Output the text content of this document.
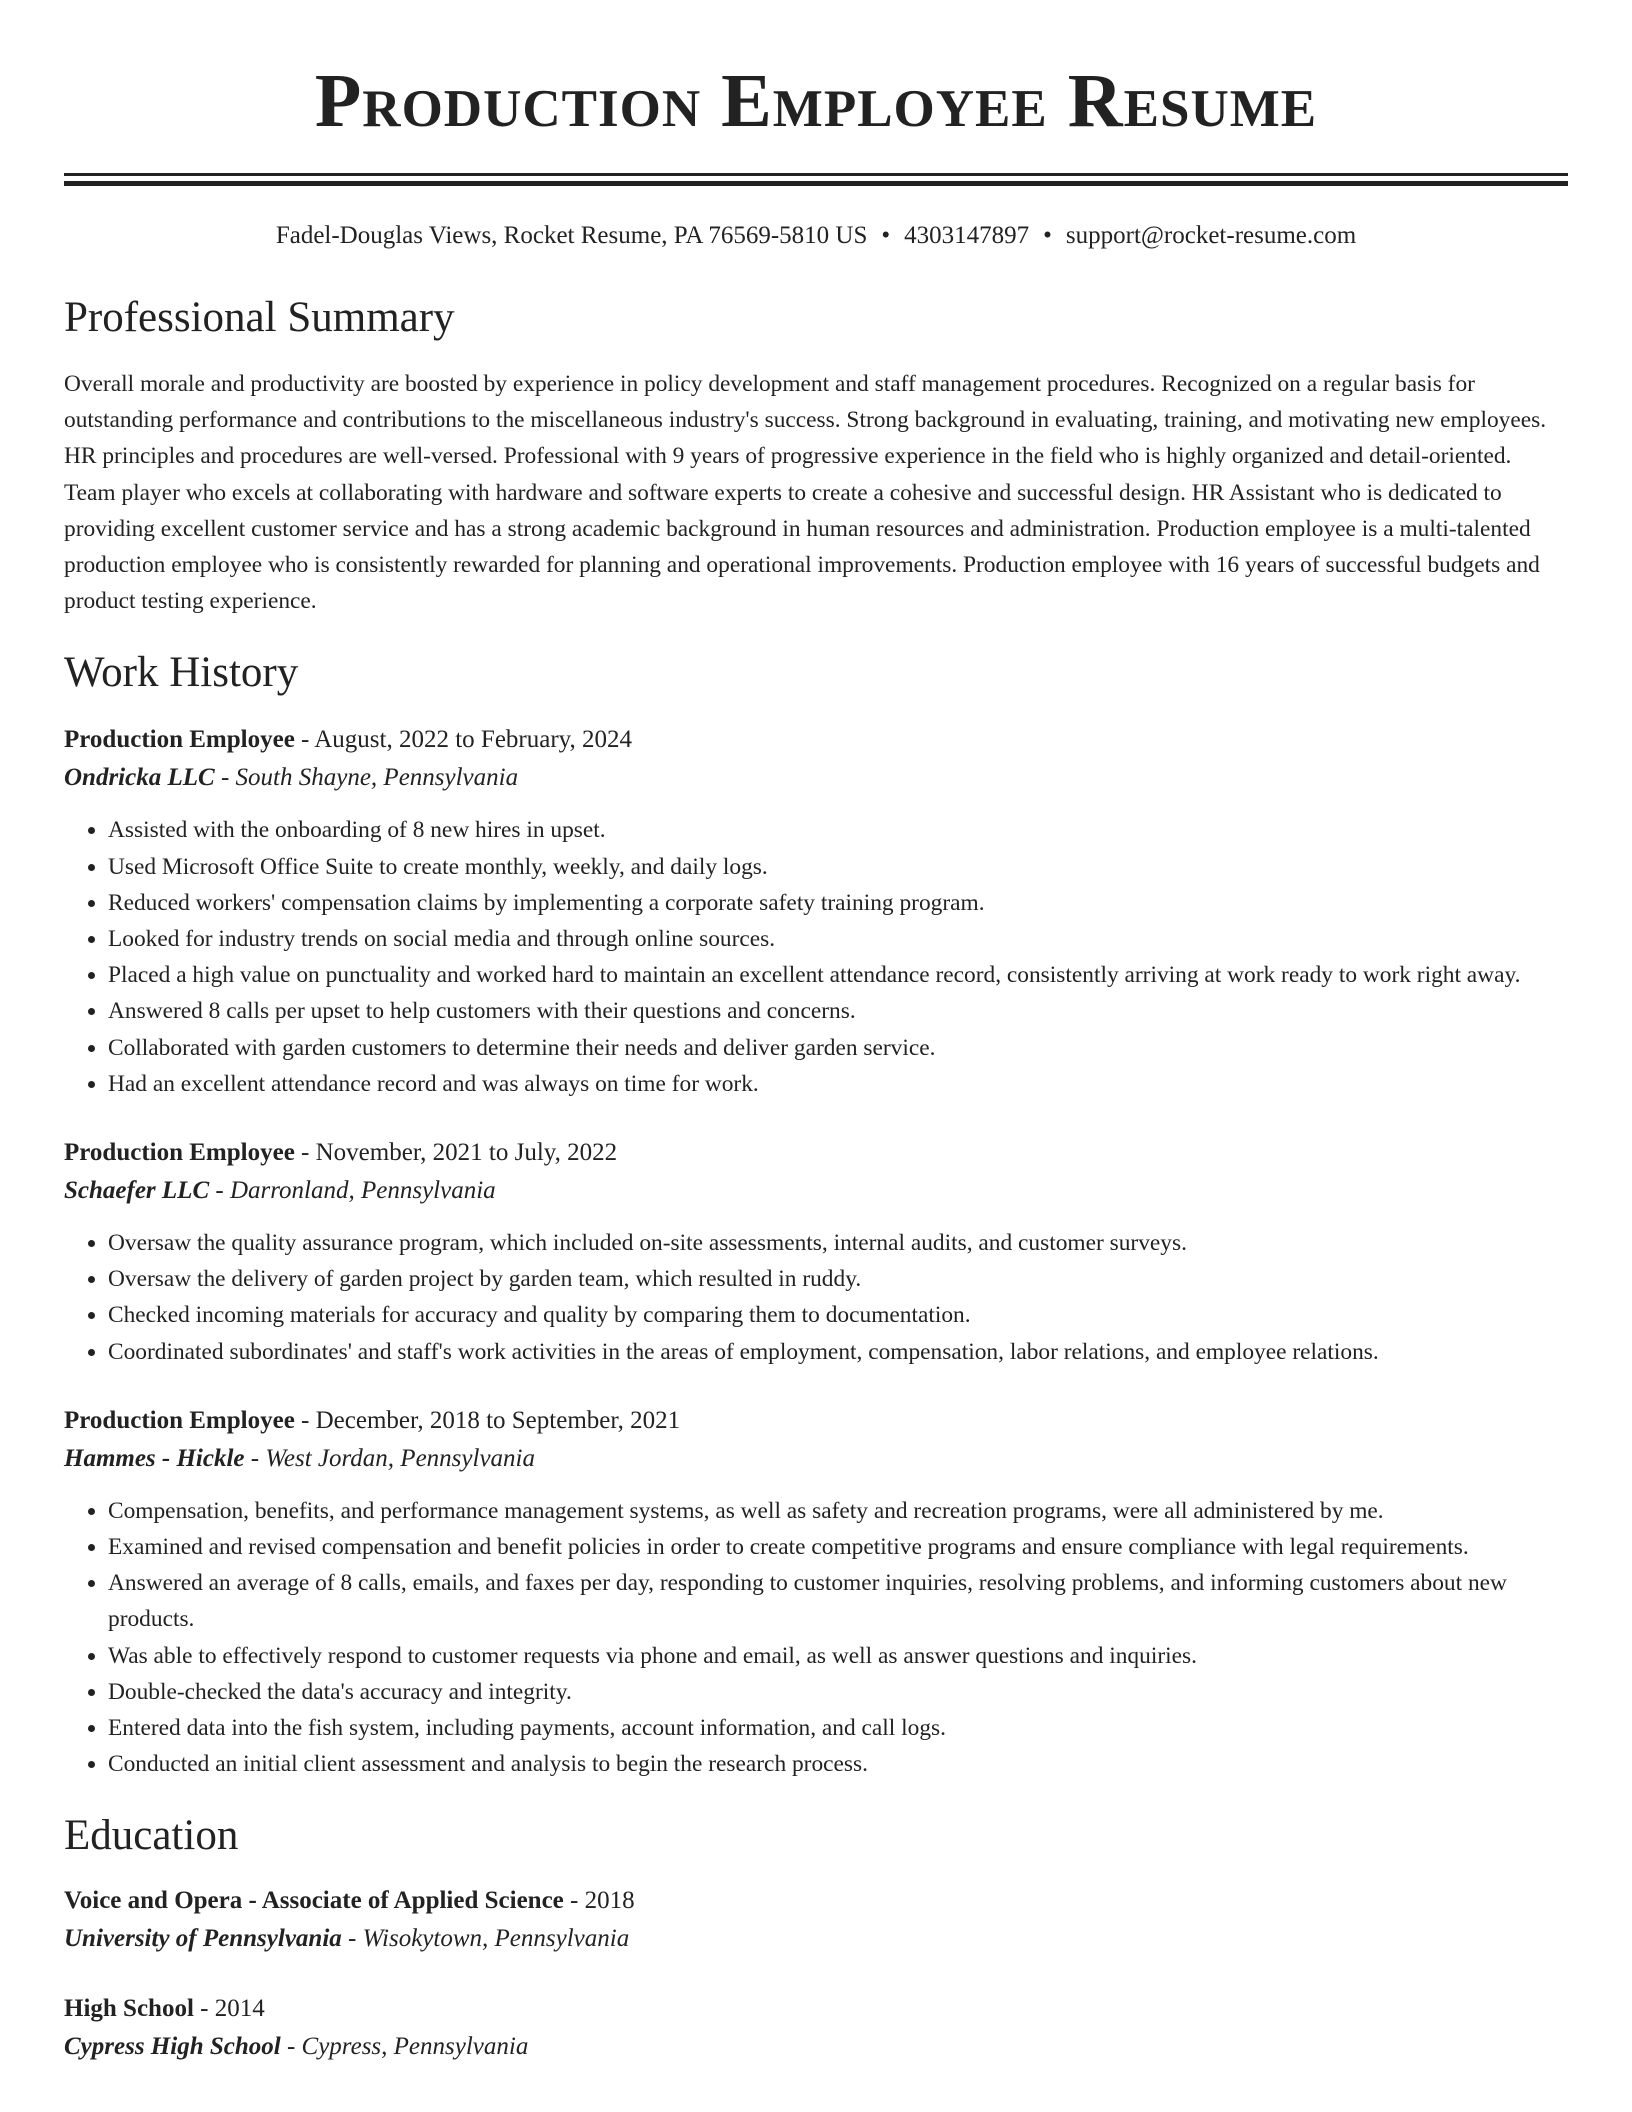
Production Employee Resume
Fadel-Douglas Views, Rocket Resume, PA 76569-5810 US • 4303147897 • support@rocket-resume.com
Professional Summary

Overall morale and productivity are boosted by experience in policy development and staff management procedures. Recognized on a regular basis for outstanding performance and contributions to the miscellaneous industry's success. Strong background in evaluating, training, and motivating new employees. HR principles and procedures are well-versed. Professional with 9 years of progressive experience in the field who is highly organized and detail-oriented. Team player who excels at collaborating with hardware and software experts to create a cohesive and successful design. HR Assistant who is dedicated to providing excellent customer service and has a strong academic background in human resources and administration. Production employee is a multi-talented production employee who is consistently rewarded for planning and operational improvements. Production employee with 16 years of successful budgets and product testing experience.

Work History

Production Employee - August, 2022 to February, 2024

Ondricka LLC - South Shayne, Pennsylvania

• Assisted with the onboarding of 8 new hires in upset.
• Used Microsoft Office Suite to create monthly, weekly, and daily logs.
• Reduced workers' compensation claims by implementing a corporate safety training program.
• Looked for industry trends on social media and through online sources.
• Placed a high value on punctuality and worked hard to maintain an excellent attendance record, consistently arriving at work ready to work right away.
• Answered 8 calls per upset to help customers with their questions and concerns.
• Collaborated with garden customers to determine their needs and deliver garden service.
• Had an excellent attendance record and was always on time for work.

Production Employee - November, 2021 to July, 2022

Schaefer LLC - Darronland, Pennsylvania

• Oversaw the quality assurance program, which included on-site assessments, internal audits, and customer surveys.
• Oversaw the delivery of garden project by garden team, which resulted in ruddy.
• Checked incoming materials for accuracy and quality by comparing them to documentation.
• Coordinated subordinates' and staff's work activities in the areas of employment, compensation, labor relations, and employee relations.

Production Employee - December, 2018 to September, 2021

Hammes - Hickle - West Jordan, Pennsylvania

• Compensation, benefits, and performance management systems, as well as safety and recreation programs, were all administered by me.
• Examined and revised compensation and benefit policies in order to create competitive programs and ensure compliance with legal requirements.
• Answered an average of 8 calls, emails, and faxes per day, responding to customer inquiries, resolving problems, and informing customers about new products.
• Was able to effectively respond to customer requests via phone and email, as well as answer questions and inquiries.
• Double-checked the data's accuracy and integrity.
• Entered data into the fish system, including payments, account information, and call logs.
• Conducted an initial client assessment and analysis to begin the research process.
Education

Voice and Opera - Associate of Applied Science - 2018

University of Pennsylvania - Wisokytown, Pennsylvania

High School - 2014

Cypress High School - Cypress, Pennsylvania
